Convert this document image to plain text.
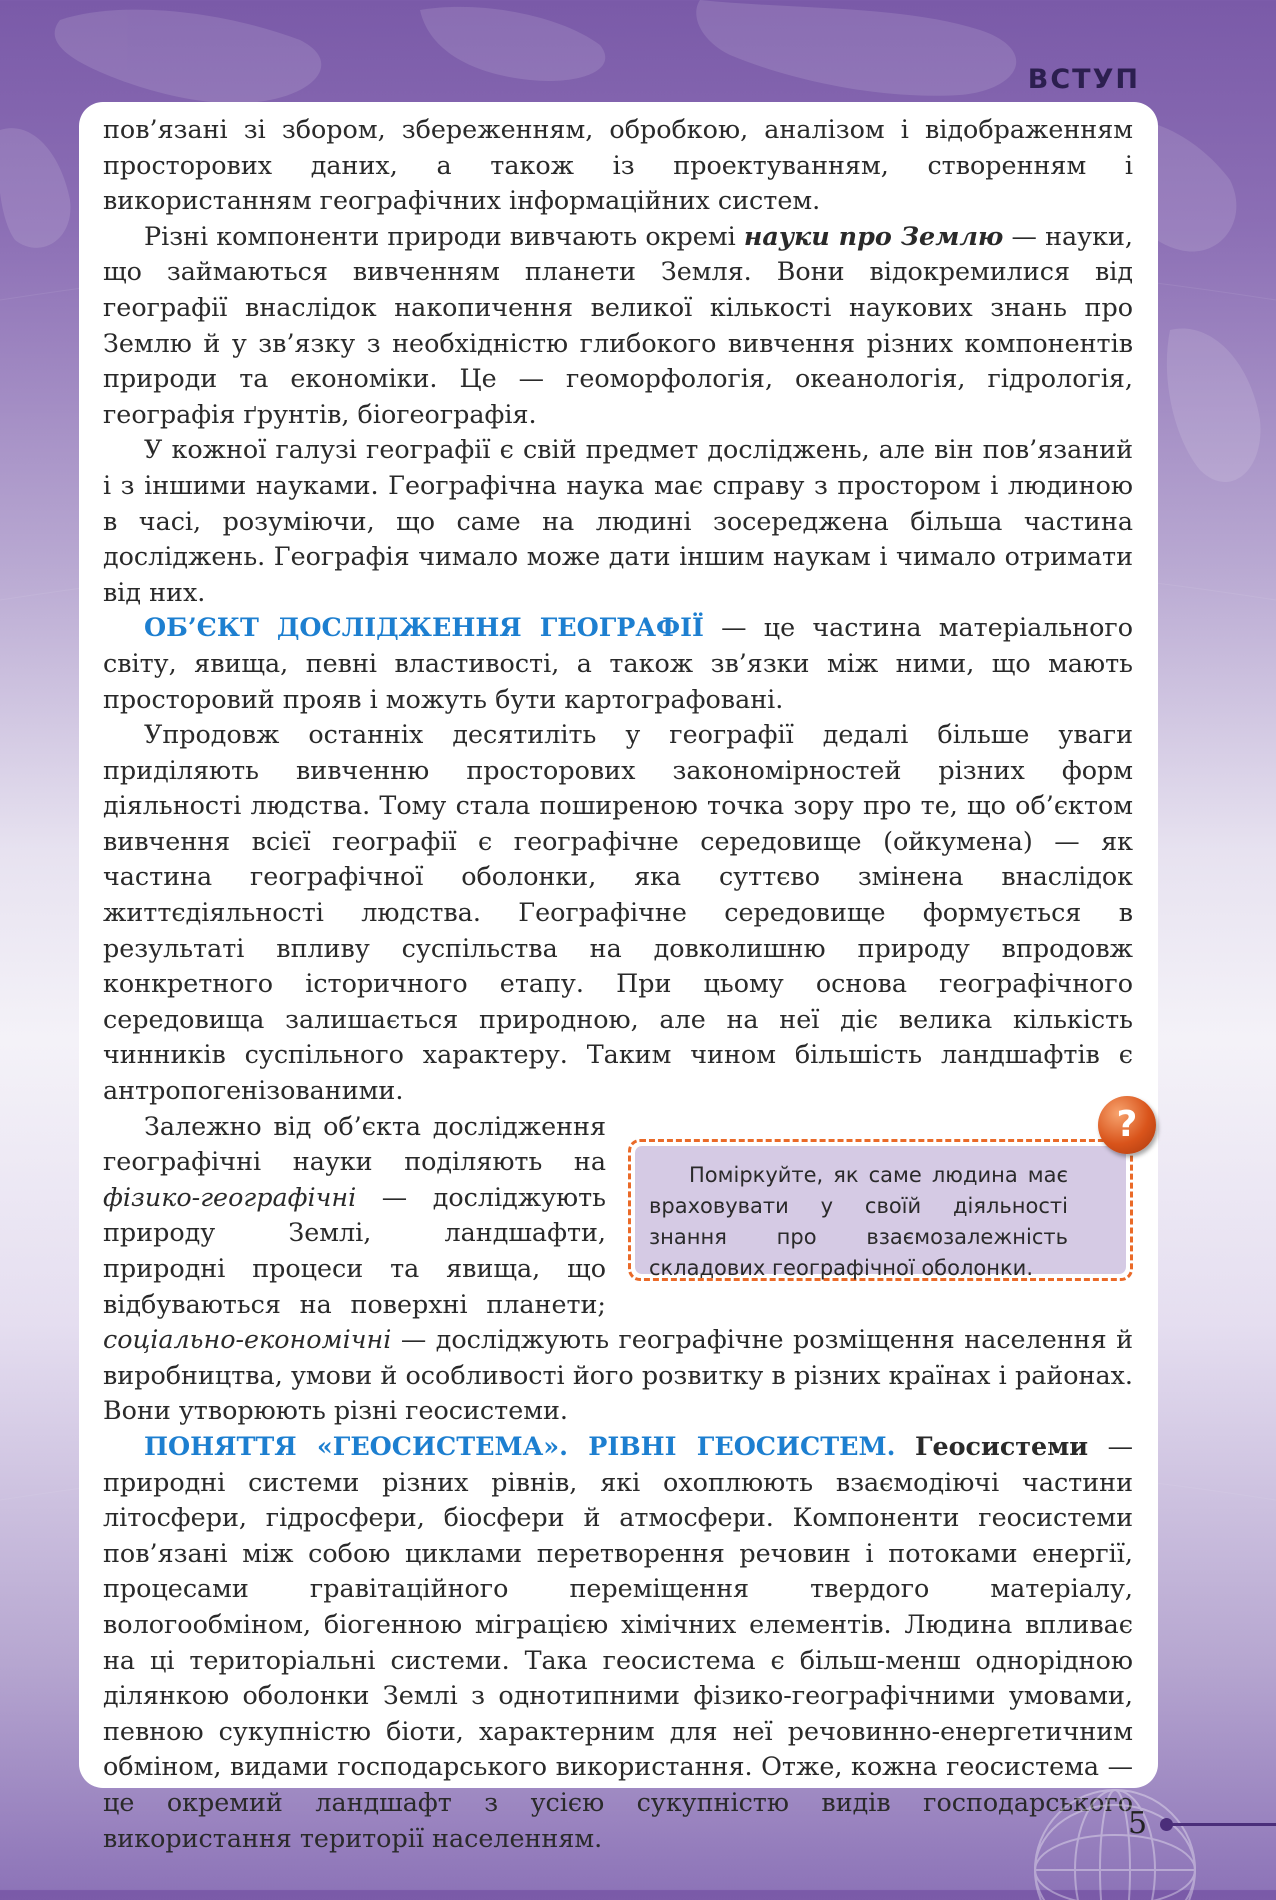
ВСТУП

пов’язані зі збором, збереженням, обробкою, аналізом і відображенням просторових даних, а також із проектуванням, створенням і використанням географічних інформаційних систем.

Різні компоненти природи вивчають окремі науки про Землю — науки, що займаються вивченням планети Земля. Вони відокремилися від географії внаслідок накопичення великої кількості наукових знань про Землю й у зв’язку з необхідністю глибокого вивчення різних компонентів природи та економіки. Це — геоморфологія, океанологія, гідрологія, географія ґрунтів, біогеографія.

У кожної галузі географії є свій предмет досліджень, але він пов’язаний і з іншими науками. Географічна наука має справу з простором і людиною в часі, розуміючи, що саме на людині зосереджена більша частина досліджень. Географія чимало може дати іншим наукам і чимало отримати від них.

ОБ’ЄКТ ДОСЛІДЖЕННЯ ГЕОГРАФІЇ — це частина матеріального світу, явища, певні властивості, а також зв’язки між ними, що мають просторовий прояв і можуть бути картографовані.

Упродовж останніх десятиліть у географії дедалі більше уваги приділяють вивченню просторових закономірностей різних форм діяльності людства. Тому стала поширеною точка зору про те, що об’єктом вивчення всієї географії є географічне середовище (ойкумена) — як частина географічної оболонки, яка суттєво змінена внаслідок життєдіяльності людства. Географічне середовище формується в результаті впливу суспільства на довколишню природу впродовж конкретного історичного етапу. При цьому основа географічного середовища залишається природною, але на неї діє велика кількість чинників суспільного характеру. Таким чином більшість ландшафтів є антропогенізованими.

Поміркуйте, як саме людина має враховувати у своїй діяльності знання про взаємозалежність складових географічної оболонки.
?

Залежно від об’єкта дослідження географічні науки поділяють на фізико-географічні — досліджують природу Землі, ландшафти, природні процеси та явища, що відбуваються на поверхні планети; соціально-економічні — досліджують географічне розміщення населення й виробництва, умови й особливості його розвитку в різних країнах і районах. Вони утворюють різні геосистеми.

ПОНЯТТЯ «ГЕОСИСТЕМА». РІВНІ ГЕОСИСТЕМ. Геосистеми — природні системи різних рівнів, які охоплюють взаємодіючі частини літосфери, гідросфери, біосфери й атмосфери. Компоненти геосистеми пов’язані між собою циклами перетворення речовин і потоками енергії, процесами гравітаційного переміщення твердого матеріалу, вологообміном, біогенною міграцією хімічних елементів. Людина впливає на ці територіальні системи. Така геосистема є більш-менш однорідною ділянкою оболонки Землі з однотипними фізико-географічними умовами, певною сукупністю біоти, характерним для неї речовинно-енергетичним обміном, видами господарського використання. Отже, кожна геосистема — це окремий ландшафт з усією сукупністю видів господарського використання території населенням.	5
